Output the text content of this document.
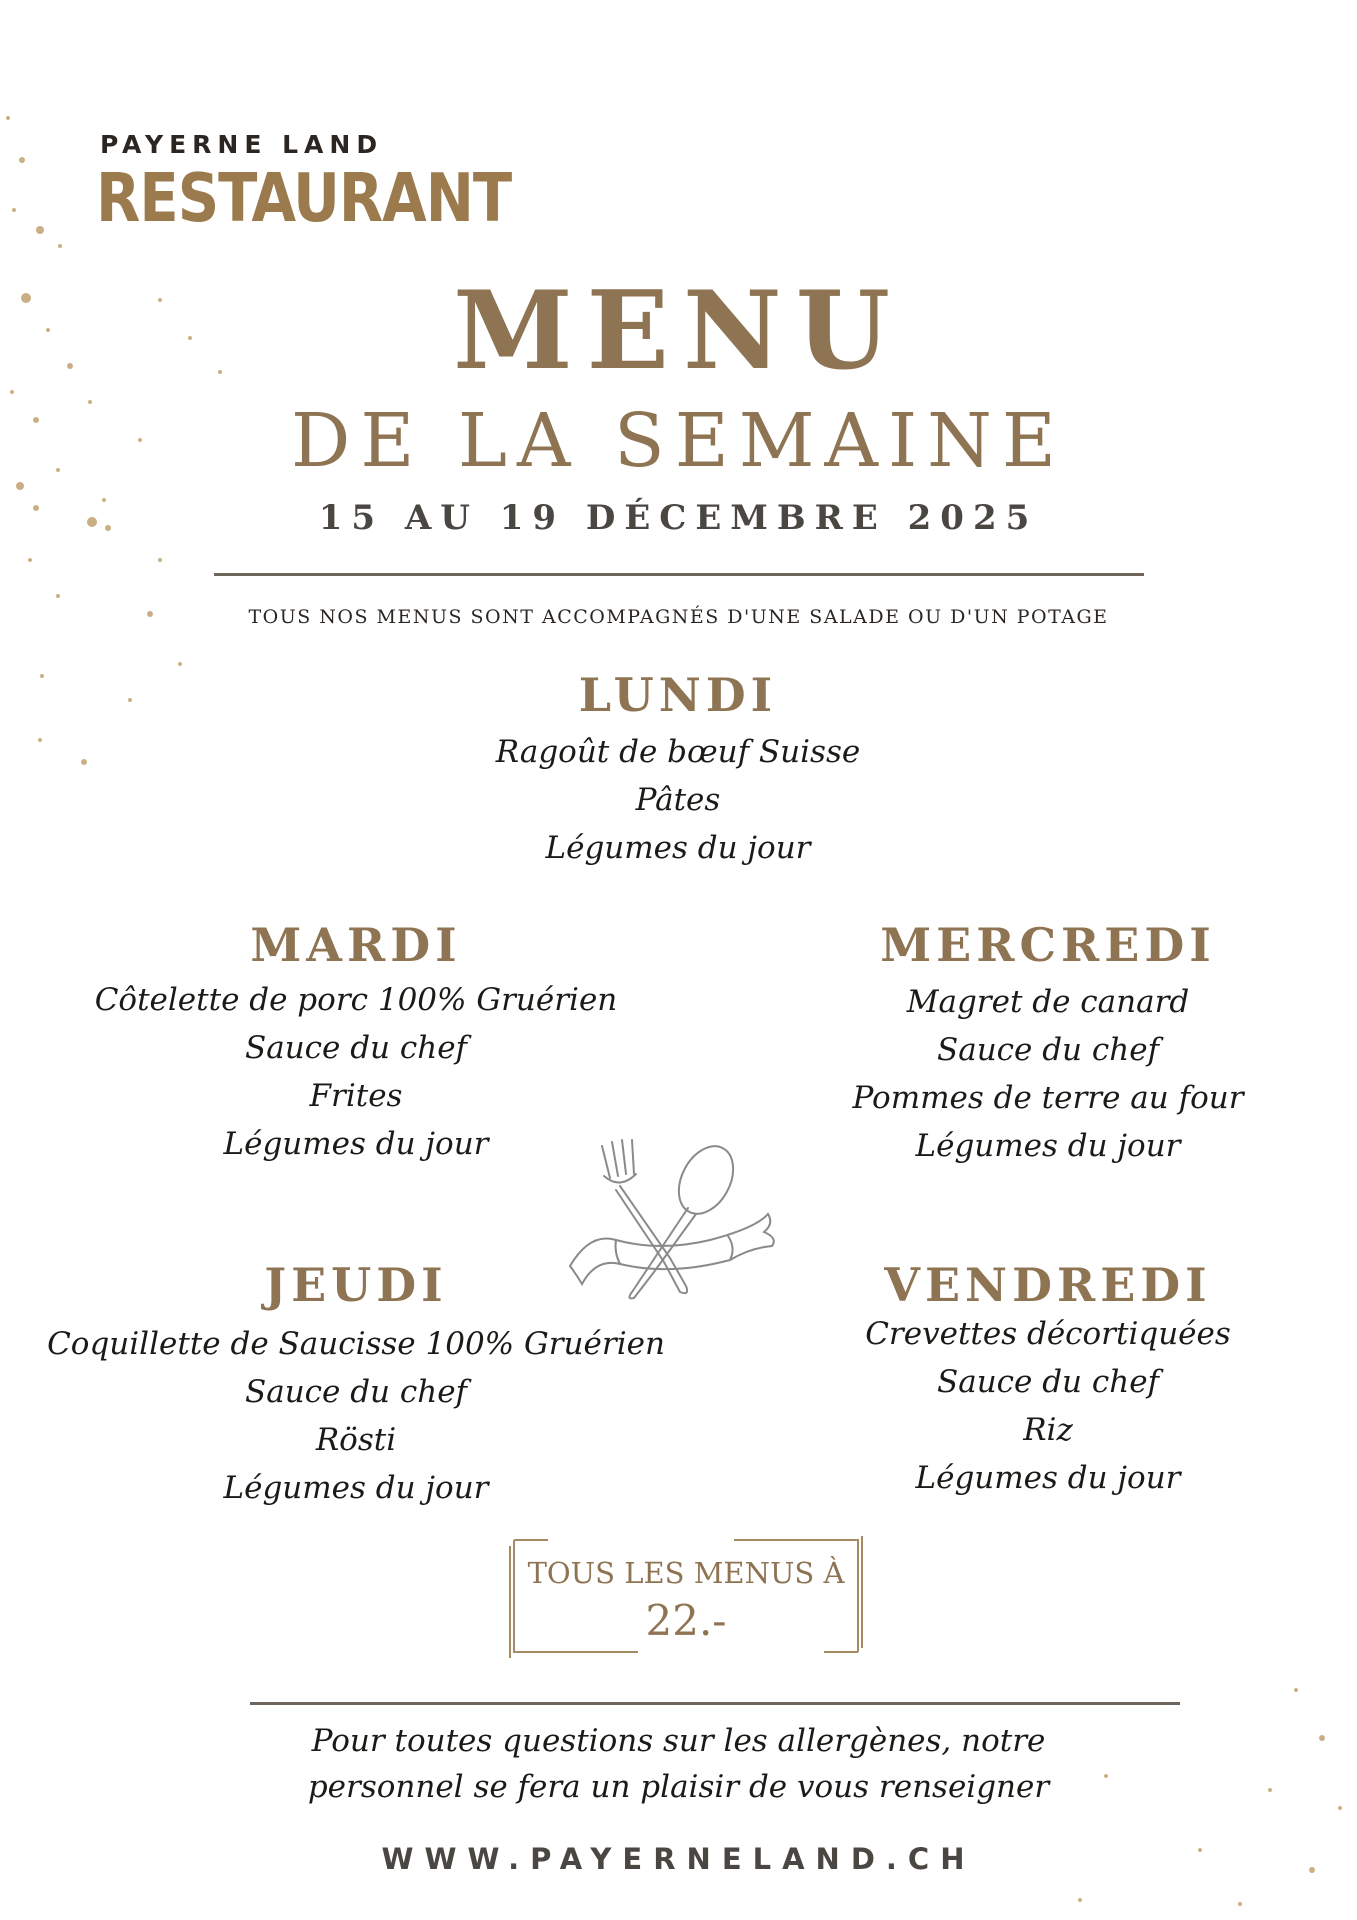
PAYERNE LAND
RESTAURANT
MENU
DE LA SEMAINE
15 AU 19 DÉCEMBRE 2025
TOUS NOS MENUS SONT ACCOMPAGNÉS D'UNE SALADE OU D'UN POTAGE
LUNDI
Ragoût de bœuf Suisse
Pâtes
Légumes du jour
MARDI
Côtelette de porc 100% Gruérien
Sauce du chef
Frites
Légumes du jour
MERCREDI
Magret de canard
Sauce du chef
Pommes de terre au four
Légumes du jour
JEUDI
Coquillette de Saucisse 100% Gruérien
Sauce du chef
Rösti
Légumes du jour
VENDREDI
Crevettes décortiquées
Sauce du chef
Riz
Légumes du jour
TOUS LES MENUS À
22.-
Pour toutes questions sur les allergènes, notre
personnel se fera un plaisir de vous renseigner
WWW.PAYERNELAND.CH
